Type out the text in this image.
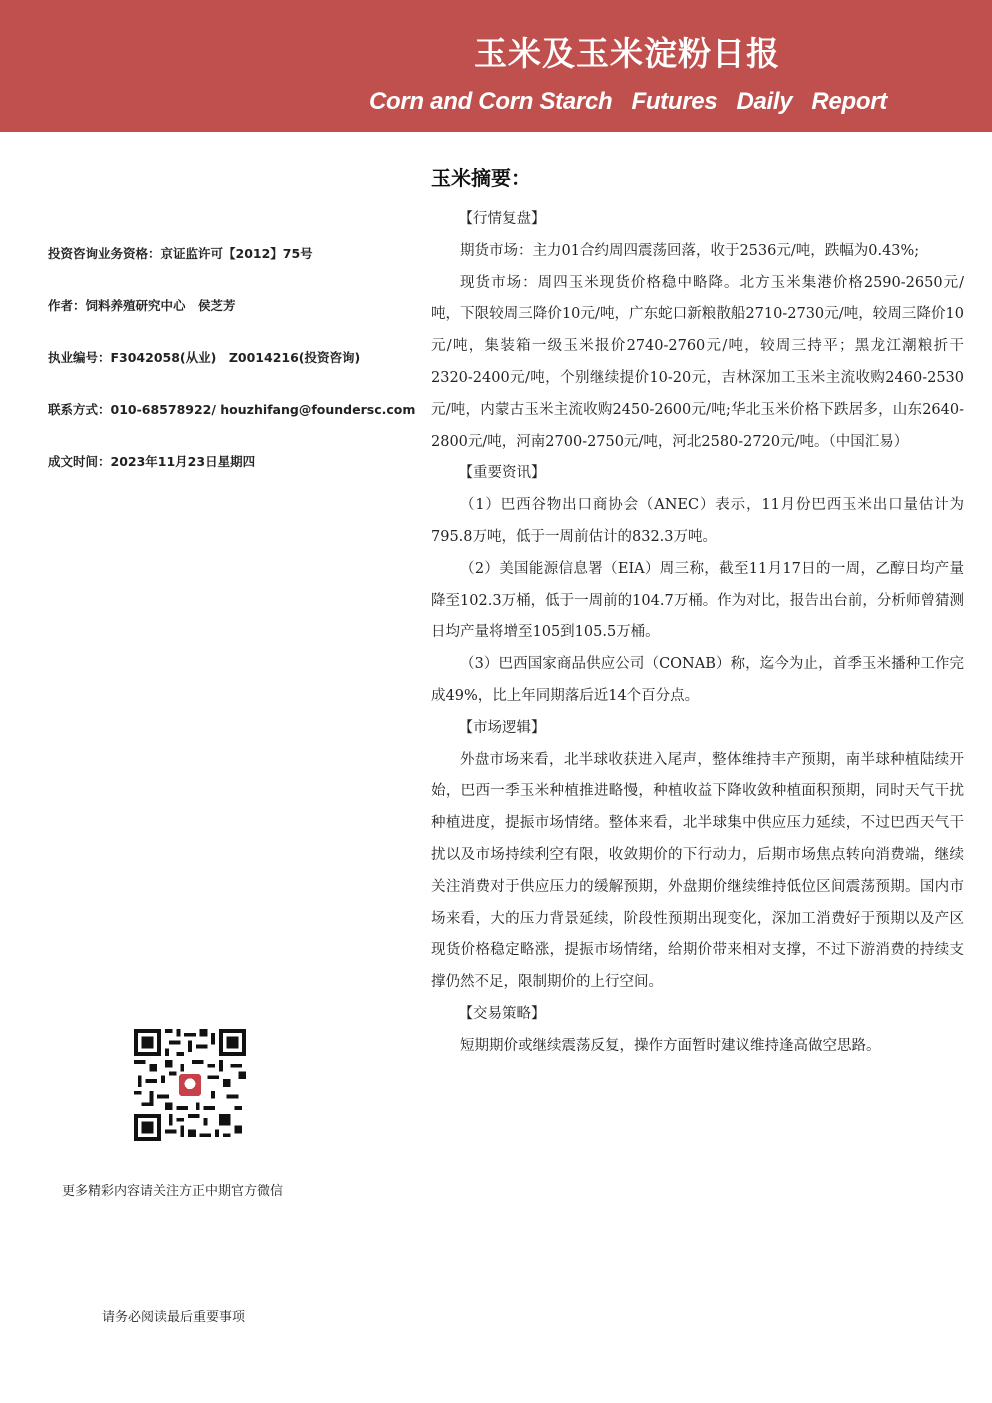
玉米及玉米淀粉日报
Corn and Corn Starch   Futures   Daily   Report
投资咨询业务资格：京证监许可【2012】75号
作者：饲料养殖研究中心　侯芝芳
执业编号：F3042058(从业)　Z0014216(投资咨询)
联系方式：010-68578922/ houzhifang@foundersc.com
成文时间：2023年11月23日星期四
更多精彩内容请关注方正中期官方微信
请务必阅读最后重要事项
玉米摘要：

【行情复盘】

期货市场：主力01合约周四震荡回落，收于2536元/吨，跌幅为0.43%;

现货市场：周四玉米现货价格稳中略降。北方玉米集港价格2590-2650元/吨，下限较周三降价10元/吨，广东蛇口新粮散船2710-2730元/吨，较周三降价10元/吨，集装箱一级玉米报价2740-2760元/吨，较周三持平；黑龙江潮粮折干2320-2400元/吨，个别继续提价10-20元，吉林深加工玉米主流收购2460-2530元/吨，内蒙古玉米主流收购2450-2600元/吨;华北玉米价格下跌居多，山东2640-2800元/吨，河南2700-2750元/吨，河北2580-2720元/吨。（中国汇易）

【重要资讯】

（1）巴西谷物出口商协会（ANEC）表示，11月份巴西玉米出口量估计为795.8万吨，低于一周前估计的832.3万吨。

（2）美国能源信息署（EIA）周三称，截至11月17日的一周，乙醇日均产量降至102.3万桶，低于一周前的104.7万桶。作为对比，报告出台前，分析师曾猜测日均产量将增至105到105.5万桶。

（3）巴西国家商品供应公司（CONAB）称，迄今为止，首季玉米播种工作完成49%，比上年同期落后近14个百分点。

【市场逻辑】

外盘市场来看，北半球收获进入尾声，整体维持丰产预期，南半球种植陆续开始，巴西一季玉米种植推进略慢，种植收益下降收敛种植面积预期，同时天气干扰种植进度，提振市场情绪。整体来看，北半球集中供应压力延续，不过巴西天气干扰以及市场持续利空有限，收敛期价的下行动力，后期市场焦点转向消费端，继续关注消费对于供应压力的缓解预期，外盘期价继续维持低位区间震荡预期。国内市场来看，大的压力背景延续，阶段性预期出现变化，深加工消费好于预期以及产区现货价格稳定略涨，提振市场情绪，给期价带来相对支撑，不过下游消费的持续支撑仍然不足，限制期价的上行空间。

【交易策略】

短期期价或继续震荡反复，操作方面暂时建议维持逢高做空思路。
